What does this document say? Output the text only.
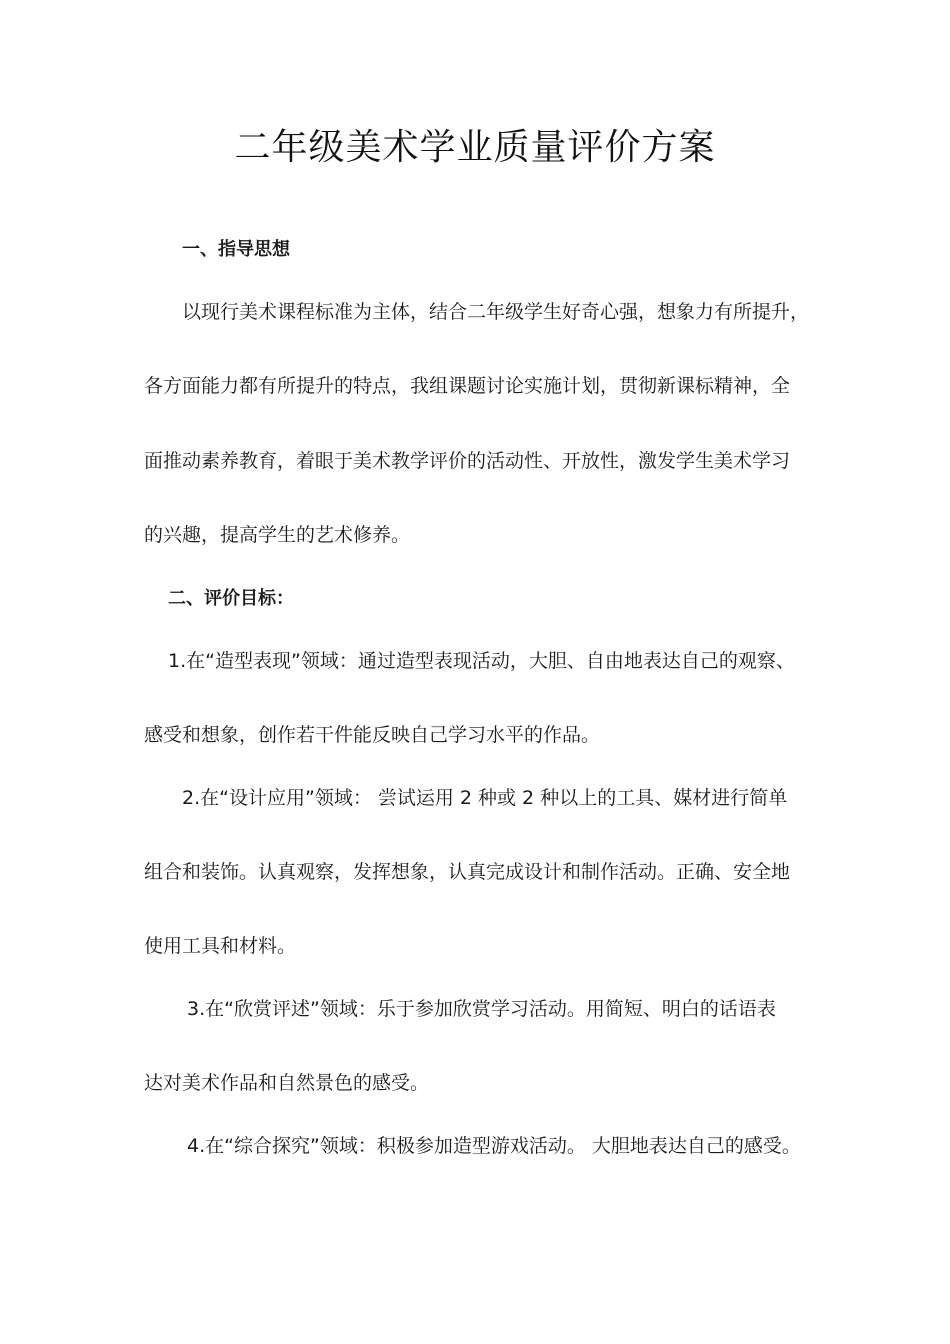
二年级美术学业质量评价方案
一、指导思想
以现行美术课程标准为主体，结合二年级学生好奇心强，想象力有所提升，
各方面能力都有所提升的特点，我组课题讨论实施计划，贯彻新课标精神，全
面推动素养教育，着眼于美术教学评价的活动性、开放性，激发学生美术学习
的兴趣，提高学生的艺术修养。
二、评价目标：
1.在“造型表现”领域：通过造型表现活动，大胆、自由地表达自己的观察、
感受和想象，创作若干件能反映自己学习水平的作品。
2.在“设计应用”领域： 尝试运用 2 种或 2 种以上的工具、媒材进行简单
组合和装饰。认真观察，发挥想象，认真完成设计和制作活动。正确、安全地
使用工具和材料。
3.在“欣赏评述”领域：乐于参加欣赏学习活动。用简短、明白的话语表
达对美术作品和自然景色的感受。
4.在“综合探究”领域：积极参加造型游戏活动。 大胆地表达自己的感受。
